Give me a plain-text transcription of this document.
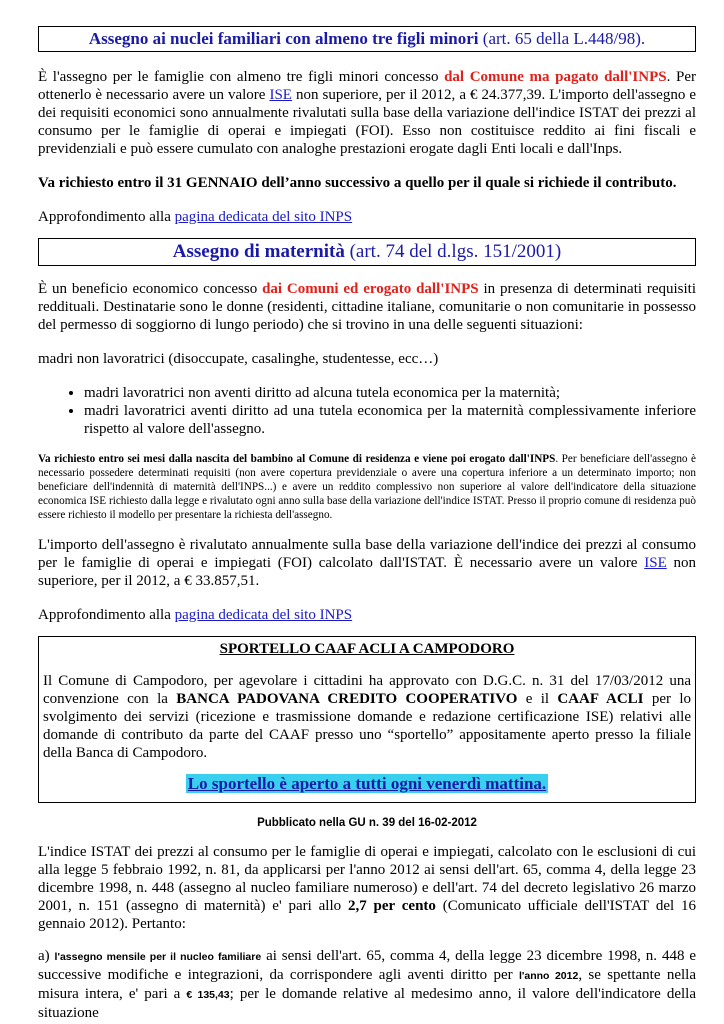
Assegno ai nuclei familiari con almeno tre figli minori (art. 65 della L.448/98).

È l'assegno per le famiglie con almeno tre figli minori concesso dal Comune ma pagato dall'INPS. Per ottenerlo è necessario avere un valore ISE non superiore, per il 2012, a € 24.377,39. L'importo dell'assegno e dei requisiti economici sono annualmente rivalutati sulla base della variazione dell'indice ISTAT dei prezzi al consumo per le famiglie di operai e impiegati (FOI). Esso non costituisce reddito ai fini fiscali e previdenziali e può essere cumulato con analoghe prestazioni erogate dagli Enti locali e dall'Inps.

Va richiesto entro il 31 GENNAIO dell’anno successivo a quello per il quale si richiede il contributo.

Approfondimento alla pagina dedicata del sito INPS

Assegno di maternità (art. 74 del d.lgs. 151/2001)

È un beneficio economico concesso dai Comuni ed erogato dall'INPS in presenza di determinati requisiti reddituali. Destinatarie sono le donne (residenti, cittadine italiane, comunitarie o non comunitarie in possesso del permesso di soggiorno di lungo periodo) che si trovino in una delle seguenti situazioni:

madri non lavoratrici (disoccupate, casalinghe, studentesse, ecc…)

• madri lavoratrici non aventi diritto ad alcuna tutela economica per la maternità;
• madri lavoratrici aventi diritto ad una tutela economica per la maternità complessivamente inferiore rispetto al valore dell'assegno.

Va richiesto entro sei mesi dalla nascita del bambino al Comune di residenza e viene poi erogato dall'INPS. Per beneficiare dell'assegno è necessario possedere determinati requisiti (non avere copertura previdenziale o avere una copertura inferiore a un determinato importo; non beneficiare dell'indennità di maternità dell'INPS...) e avere un reddito complessivo non superiore al valore dell'indicatore della situazione economica ISE richiesto dalla legge e rivalutato ogni anno sulla base della variazione dell'indice ISTAT. Presso il proprio comune di residenza può essere richiesto il modello per presentare la richiesta dell'assegno.

L'importo dell'assegno è rivalutato annualmente sulla base della variazione dell'indice dei prezzi al consumo per le famiglie di operai e impiegati (FOI) calcolato dall'ISTAT. È necessario avere un valore ISE non superiore, per il 2012, a € 33.857,51.

Approfondimento alla pagina dedicata del sito INPS

SPORTELLO CAAF ACLI A CAMPODORO

Il Comune di Campodoro, per agevolare i cittadini ha approvato con D.G.C. n. 31 del 17/03/2012 una convenzione con la BANCA PADOVANA CREDITO COOPERATIVO e il CAAF ACLI per lo svolgimento dei servizi (ricezione e trasmissione domande e redazione certificazione ISE) relativi alle domande di contributo da parte del CAAF presso uno “sportello” appositamente aperto presso la filiale della Banca di Campodoro.

Lo sportello è aperto a tutti ogni venerdì mattina.
Pubblicato nella GU n. 39 del 16-02-2012

L'indice ISTAT dei prezzi al consumo per le famiglie di operai e impiegati, calcolato con le esclusioni di cui alla legge 5 febbraio 1992, n. 81, da applicarsi per l'anno 2012 ai sensi dell'art. 65, comma 4, della legge 23 dicembre 1998, n. 448 (assegno al nucleo familiare numeroso) e dell'art. 74 del decreto legislativo 26 marzo 2001, n. 151 (assegno di maternità) e' pari allo 2,7 per cento (Comunicato ufficiale dell'ISTAT del 16 gennaio 2012). Pertanto:

a) l'assegno mensile per il nucleo familiare ai sensi dell'art. 65, comma 4, della legge 23 dicembre 1998, n. 448 e successive modifiche e integrazioni, da corrispondere agli aventi diritto per l'anno 2012, se spettante nella misura intera, e' pari a € 135,43; per le domande relative al medesimo anno, il valore dell'indicatore della situazione
